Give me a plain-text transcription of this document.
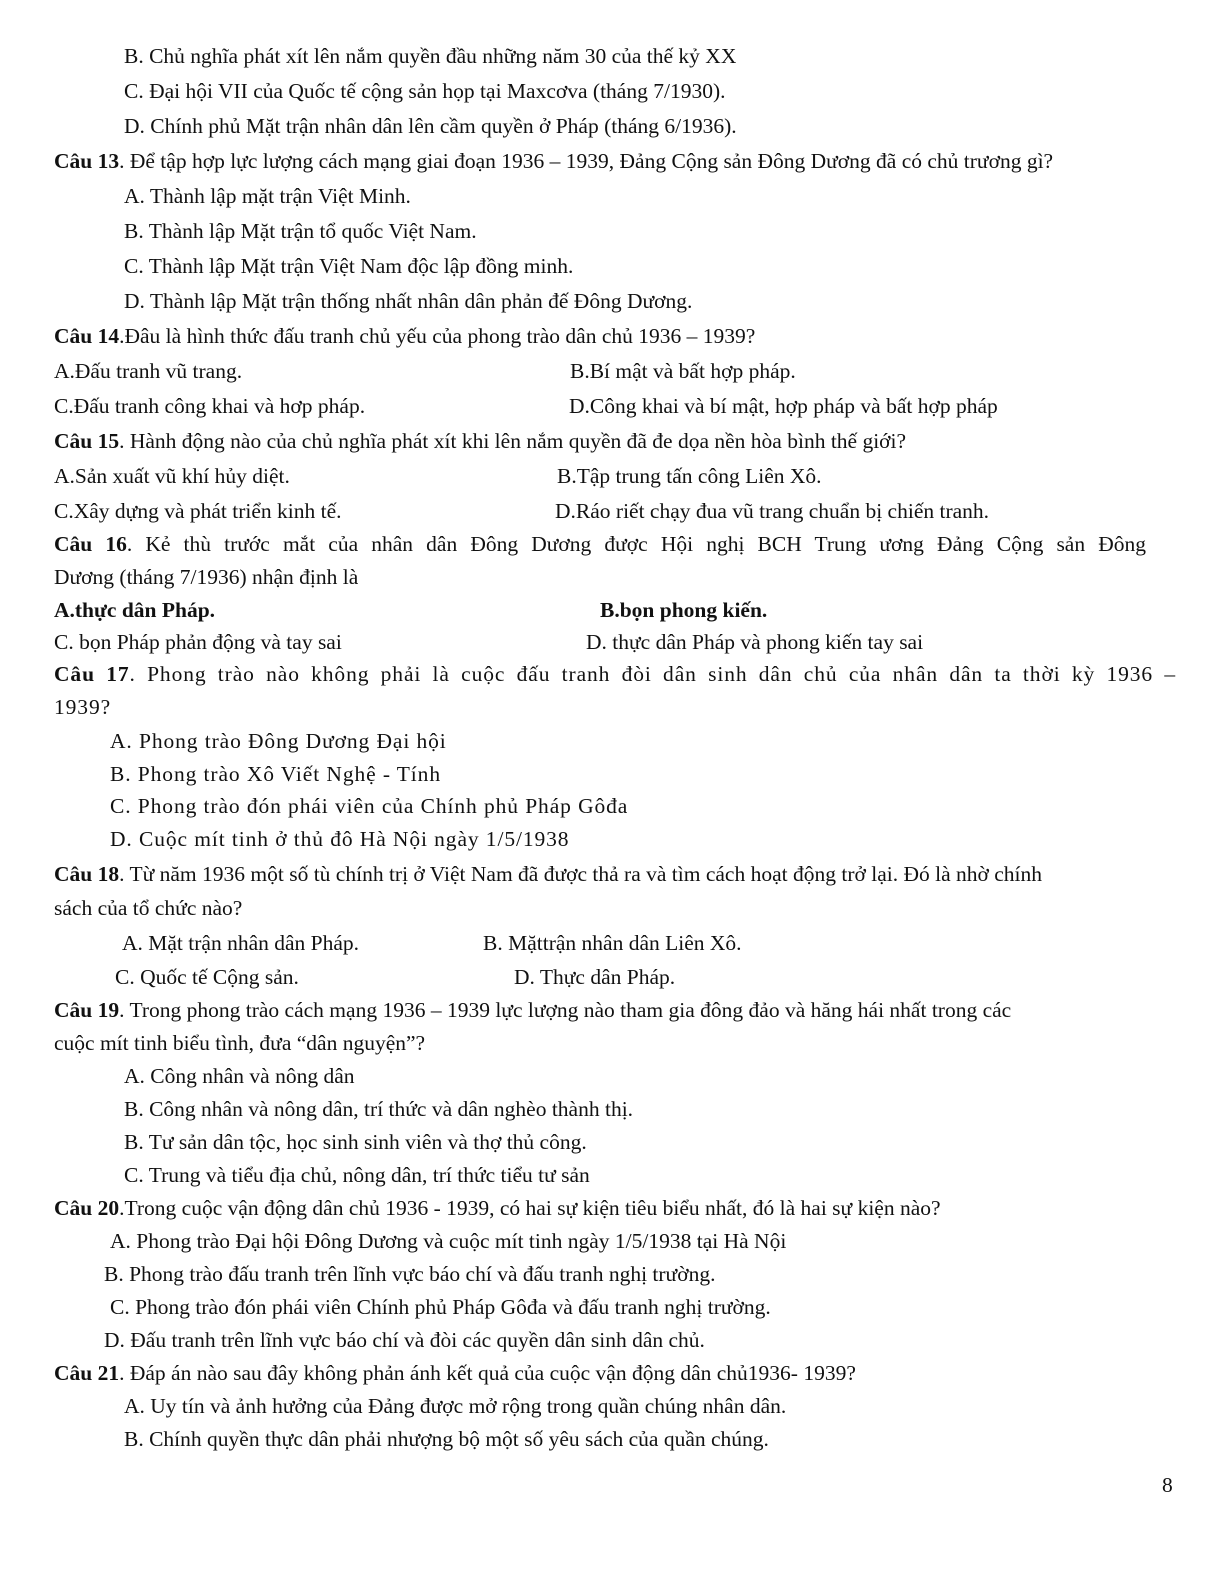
B. Chủ nghĩa phát xít lên nắm quyền đầu những năm 30 của thế kỷ XX
C. Đại hội VII của Quốc tế cộng sản họp tại Maxcơva (tháng 7/1930).
D. Chính phủ Mặt trận nhân dân lên cầm quyền ở Pháp (tháng 6/1936).
Câu 13. Để tập hợp lực lượng cách mạng giai đoạn 1936 – 1939, Đảng Cộng sản Đông Dương đã có chủ trương gì?
A. Thành lập mặt trận Việt Minh.
B. Thành lập Mặt trận tổ quốc Việt Nam.
C. Thành lập Mặt trận Việt Nam độc lập đồng minh.
D. Thành lập Mặt trận thống nhất nhân dân phản đế Đông Dương.
Câu 14.Đâu là hình thức đấu tranh chủ yếu của phong trào dân chủ 1936 – 1939?
A.Đấu tranh vũ trang.	B.Bí mật và bất hợp pháp.
C.Đấu tranh công khai và hơp pháp.	D.Công khai và bí mật, hợp pháp và bất hợp pháp
Câu 15. Hành động nào của chủ nghĩa phát xít khi lên nắm quyền đã đe dọa nền hòa bình thế giới?
A.Sản xuất vũ khí hủy diệt.	B.Tập trung tấn công Liên Xô.
C.Xây dựng và phát triển kinh tế.	D.Ráo riết chạy đua vũ trang chuẩn bị chiến tranh.
Câu 16. Kẻ thù trước mắt của nhân dân Đông Dương được Hội nghị BCH Trung ương Đảng Cộng sản Đông
Dương (tháng 7/1936) nhận định là
A.thực dân Pháp.	B.bọn phong kiến.
C. bọn Pháp phản động và tay sai	D. thực dân Pháp và phong kiến tay sai
Câu 17. Phong trào nào không phải là cuộc đấu tranh đòi dân sinh dân chủ của nhân dân ta thời kỳ 1936 –
1939?
A. Phong trào Đông Dương Đại hội
B. Phong trào Xô Viết Nghệ - Tính
C. Phong trào đón phái viên của Chính phủ Pháp Gôđa
D. Cuộc mít tinh ở thủ đô Hà Nội ngày 1/5/1938
Câu 18. Từ năm 1936 một số tù chính trị ở Việt Nam đã được thả ra và tìm cách hoạt động trở lại. Đó là nhờ chính
sách của tổ chức nào?
A. Mặt trận nhân dân Pháp.	B. Mặttrận nhân dân Liên Xô.
C. Quốc tế Cộng sản.	D. Thực dân Pháp.
Câu 19. Trong phong trào cách mạng 1936 – 1939 lực lượng nào tham gia đông đảo và hăng hái nhất trong các
cuộc mít tinh biểu tình, đưa “dân nguyện”?
A. Công nhân và nông dân
B. Công nhân và nông dân, trí thức và dân nghèo thành thị.
B. Tư sản dân tộc, học sinh sinh viên và thợ thủ công.
C. Trung và tiểu địa chủ, nông dân, trí thức tiểu tư sản
Câu 20.Trong cuộc vận động dân chủ 1936 - 1939, có hai sự kiện tiêu biểu nhất, đó là hai sự kiện nào?
A. Phong trào Đại hội Đông Dương và cuộc mít tinh ngày 1/5/1938 tại Hà Nội
B. Phong trào đấu tranh trên lĩnh vực báo chí và đấu tranh nghị trường.
C. Phong trào đón phái viên Chính phủ Pháp Gôđa và đấu tranh nghị trường.
D. Đấu tranh trên lĩnh vực báo chí và đòi các quyền dân sinh dân chủ.
Câu 21. Đáp án nào sau đây không phản ánh kết quả của cuộc vận động dân chủ1936- 1939?
A. Uy tín và ảnh hưởng của Đảng được mở rộng trong quần chúng nhân dân.
B. Chính quyền thực dân phải nhượng bộ một số yêu sách của quần chúng.
8
